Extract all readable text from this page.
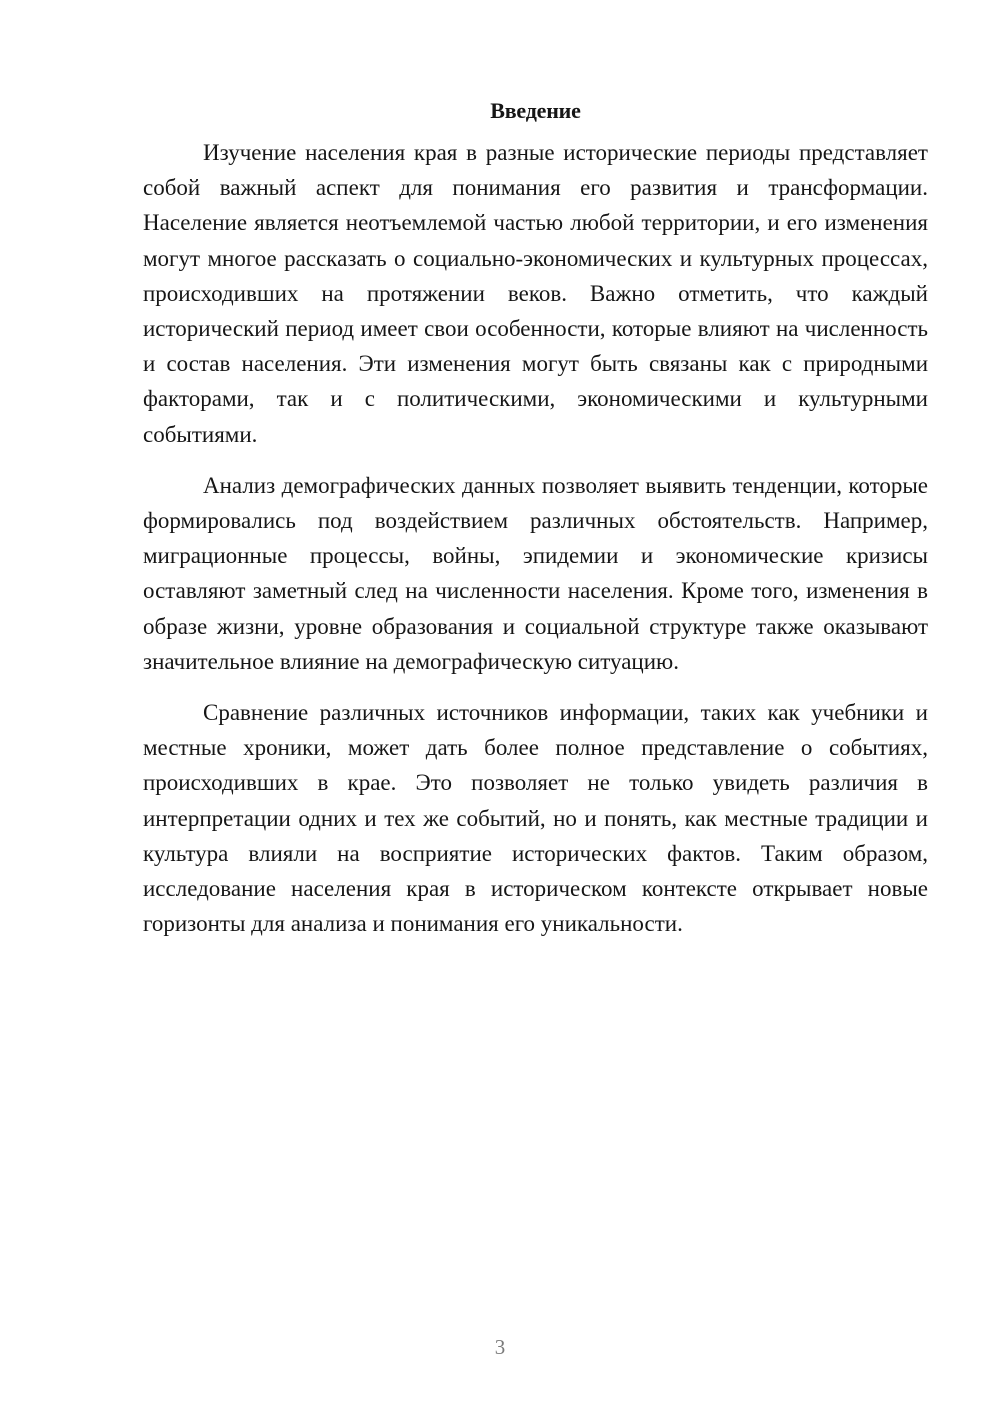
Введение

Изучение населения края в разные исторические периоды представляет собой важный аспект для понимания его развития и трансформации. Население является неотъемлемой частью любой территории, и его изменения могут многое рассказать о социально-экономических и культурных процессах, происходивших на протяжении веков. Важно отметить, что каждый исторический период имеет свои особенности, которые влияют на численность и состав населения. Эти изменения могут быть связаны как с природными факторами, так и с политическими, экономическими и культурными событиями.

Анализ демографических данных позволяет выявить тенденции, которые формировались под воздействием различных обстоятельств. Например, миграционные процессы, войны, эпидемии и экономические кризисы оставляют заметный след на численности населения. Кроме того, изменения в образе жизни, уровне образования и социальной структуре также оказывают значительное влияние на демографическую ситуацию.

Сравнение различных источников информации, таких как учебники и местные хроники, может дать более полное представление о событиях, происходивших в крае. Это позволяет не только увидеть различия в интерпретации одних и тех же событий, но и понять, как местные традиции и культура влияли на восприятие исторических фактов. Таким образом, исследование населения края в историческом контексте открывает новые горизонты для анализа и понимания его уникальности.

3
